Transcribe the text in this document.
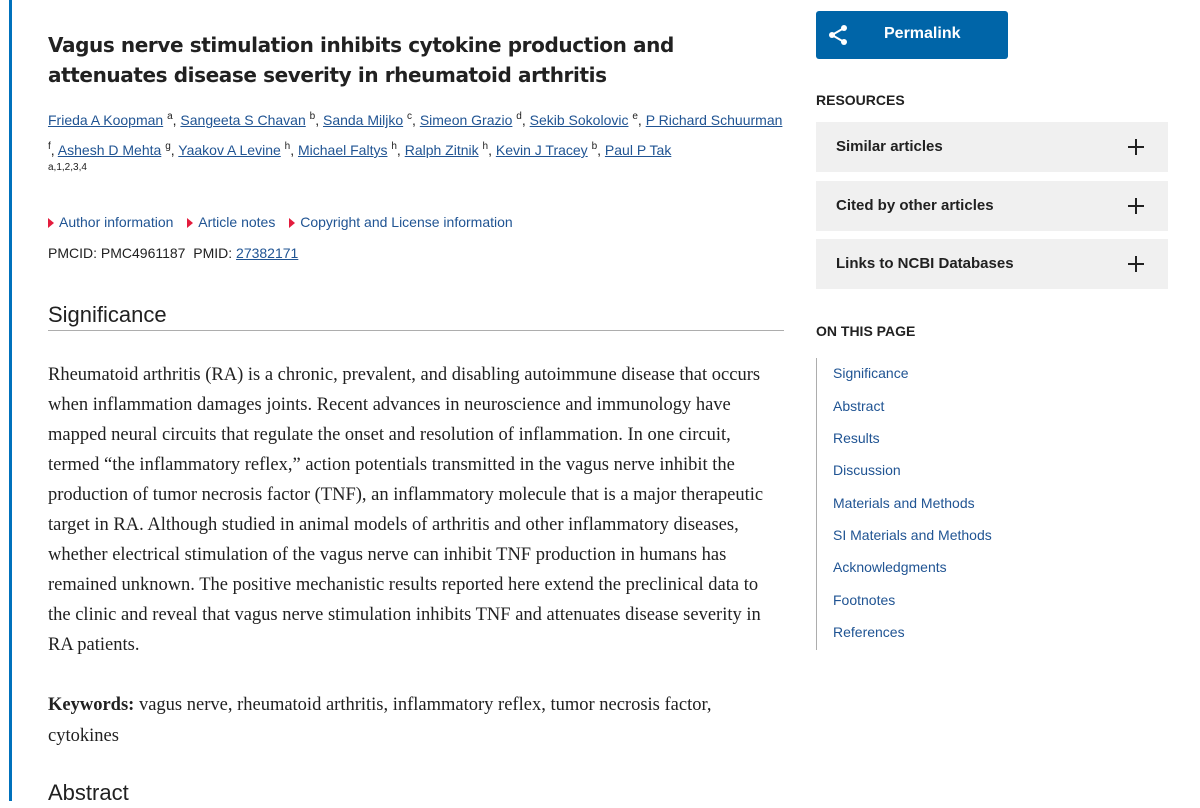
Vagus nerve stimulation inhibits cytokine production and attenuates disease severity in rheumatoid arthritis
Frieda A Koopman $^a$, Sangeeta S Chavan $^b$, Sanda Miljko $^c$, Simeon Grazio $^d$, Sekib Sokolovic $^e$, P Richard Schuurman $^f$, Ashesh D Mehta $^g$, Yaakov A Levine $^h$, Michael Faltys $^h$, Ralph Zitnik $^h$, Kevin J Tracey $^b$, Paul P Tak
a,1,2,3,4
Author information Article notes Copyright and License information
PMCID: PMC4961187 PMID: 27382171
Significance

Rheumatoid arthritis (RA) is a chronic, prevalent, and disabling autoimmune disease that occurs when inflammation damages joints. Recent advances in neuroscience and immunology have mapped neural circuits that regulate the onset and resolution of inflammation. In one circuit, termed “the inflammatory reflex,” action potentials transmitted in the vagus nerve inhibit the production of tumor necrosis factor (TNF), an inflammatory molecule that is a major therapeutic target in RA. Although studied in animal models of arthritis and other inflammatory diseases, whether electrical stimulation of the vagus nerve can inhibit TNF production in humans has remained unknown. The positive mechanistic results reported here extend the preclinical data to the clinic and reveal that vagus nerve stimulation inhibits TNF and attenuates disease severity in RA patients.

Keywords: vagus nerve, rheumatoid arthritis, inflammatory reflex, tumor necrosis factor, cytokines

Abstract
Permalink
RESOURCES
Similar articles
Cited by other articles
Links to NCBI Databases
ON THIS PAGE
Significance
Abstract
Results
Discussion
Materials and Methods
SI Materials and Methods
Acknowledgments
Footnotes
References
